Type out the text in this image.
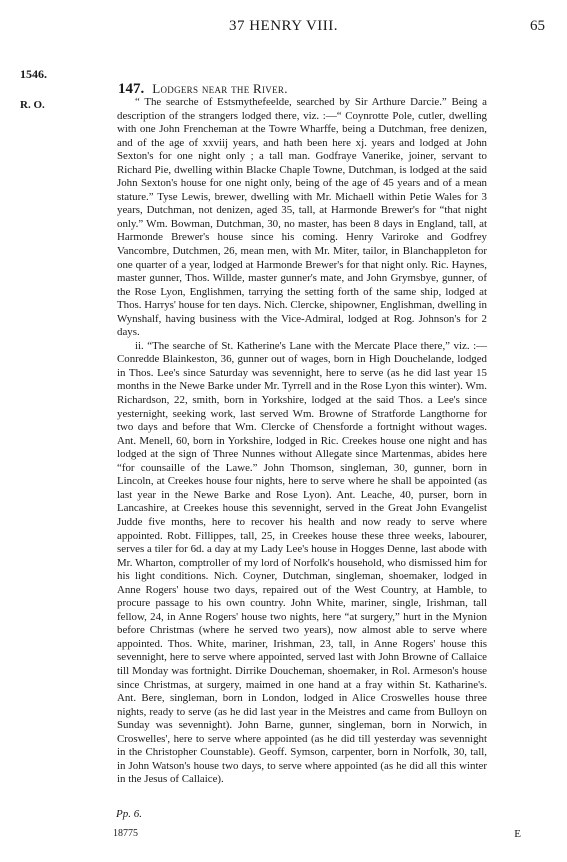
37 HENRY VIII.	65
1546.
R. O.
147. Lodgers near the River.

“ The searche of Estsmythefeelde, searched by Sir Arthure Darcie.” Being a description of the strangers lodged there, viz. :—“ Coynrotte Pole, cutler, dwelling with one John Frencheman at the Towre Wharffe, being a Dutchman, free denizen, and of the age of xxviij years, and hath been here xj. years and lodged at John Sexton's for one night only ; a tall man. Godfraye Vanerike, joiner, servant to Richard Pie, dwelling within Blacke Chaple Towne, Dutchman, is lodged at the said John Sexton's house for one night only, being of the age of 45 years and of a mean stature.” Tyse Lewis, brewer, dwelling with Mr. Michaell within Petie Wales for 3 years, Dutchman, not denizen, aged 35, tall, at Harmonde Brewer's for “that night only.” Wm. Bowman, Dutchman, 30, no master, has been 8 days in England, tall, at Harmonde Brewer's house since his coming. Henry Variroke and Godfrey Vancombre, Dutchmen, 26, mean men, with Mr. Miter, tailor, in Blanchappleton for one quarter of a year, lodged at Harmonde Brewer's for that night only. Ric. Haynes, master gunner, Thos. Willde, master gunner's mate, and John Grymsbye, gunner, of the Rose Lyon, Englishmen, tarrying the setting forth of the same ship, lodged at Thos. Harrys' house for ten days. Nich. Clercke, shipowner, Englishman, dwelling in Wynshalf, having business with the Vice-Admiral, lodged at Rog. Johnson's for 2 days.

ii. “The searche of St. Katherine's Lane with the Mercate Place there,” viz. :—Conredde Blainkeston, 36, gunner out of wages, born in High Douchelande, lodged in Thos. Lee's since Saturday was sevennight, here to serve (as he did last year 15 months in the Newe Barke under Mr. Tyrrell and in the Rose Lyon this winter). Wm. Richardson, 22, smith, born in Yorkshire, lodged at the said Thos. a Lee's since yesternight, seeking work, last served Wm. Browne of Stratforde Langthorne for two days and before that Wm. Clercke of Chensforde a fortnight without wages. Ant. Menell, 60, born in Yorkshire, lodged in Ric. Creekes house one night and has lodged at the sign of Three Nunnes without Allegate since Martenmas, abides here “for counsaille of the Lawe.” John Thomson, singleman, 30, gunner, born in Lincoln, at Creekes house four nights, here to serve where he shall be appointed (as last year in the Newe Barke and Rose Lyon). Ant. Leache, 40, purser, born in Lancashire, at Creekes house this sevennight, served in the Great John Evangelist Judde five months, here to recover his health and now ready to serve where appointed. Robt. Fillippes, tall, 25, in Creekes house these three weeks, labourer, serves a tiler for 6d. a day at my Lady Lee's house in Hogges Denne, last abode with Mr. Wharton, comptroller of my lord of Norfolk's household, who dismissed him for his light conditions. Nich. Coyner, Dutchman, singleman, shoemaker, lodged in Anne Rogers' house two days, repaired out of the West Country, at Hamble, to procure passage to his own country. John White, mariner, single, Irishman, tall fellow, 24, in Anne Rogers' house two nights, here “at surgery,” hurt in the Mynion before Christmas (where he served two years), now almost able to serve where appointed. Thos. White, mariner, Irishman, 23, tall, in Anne Rogers' house this sevennight, here to serve where appointed, served last with John Browne of Callaice till Monday was fortnight. Dirrike Doucheman, shoemaker, in Rol. Armeson's house since Christmas, at surgery, maimed in one hand at a fray within St. Katharine's. Ant. Bere, singleman, born in London, lodged in Alice Croswelles house three nights, ready to serve (as he did last year in the Meistres and came from Bulloyn on Sunday was sevennight). John Barne, gunner, singleman, born in Norwich, in Croswelles', here to serve where appointed (as he did till yesterday was sevennight in the Christopher Counstable). Geoff. Symson, carpenter, born in Norfolk, 30, tall, in John Watson's house two days, to serve where appointed (as he did all this winter in the Jesus of Callaice).

Pp. 6.
18775	E
